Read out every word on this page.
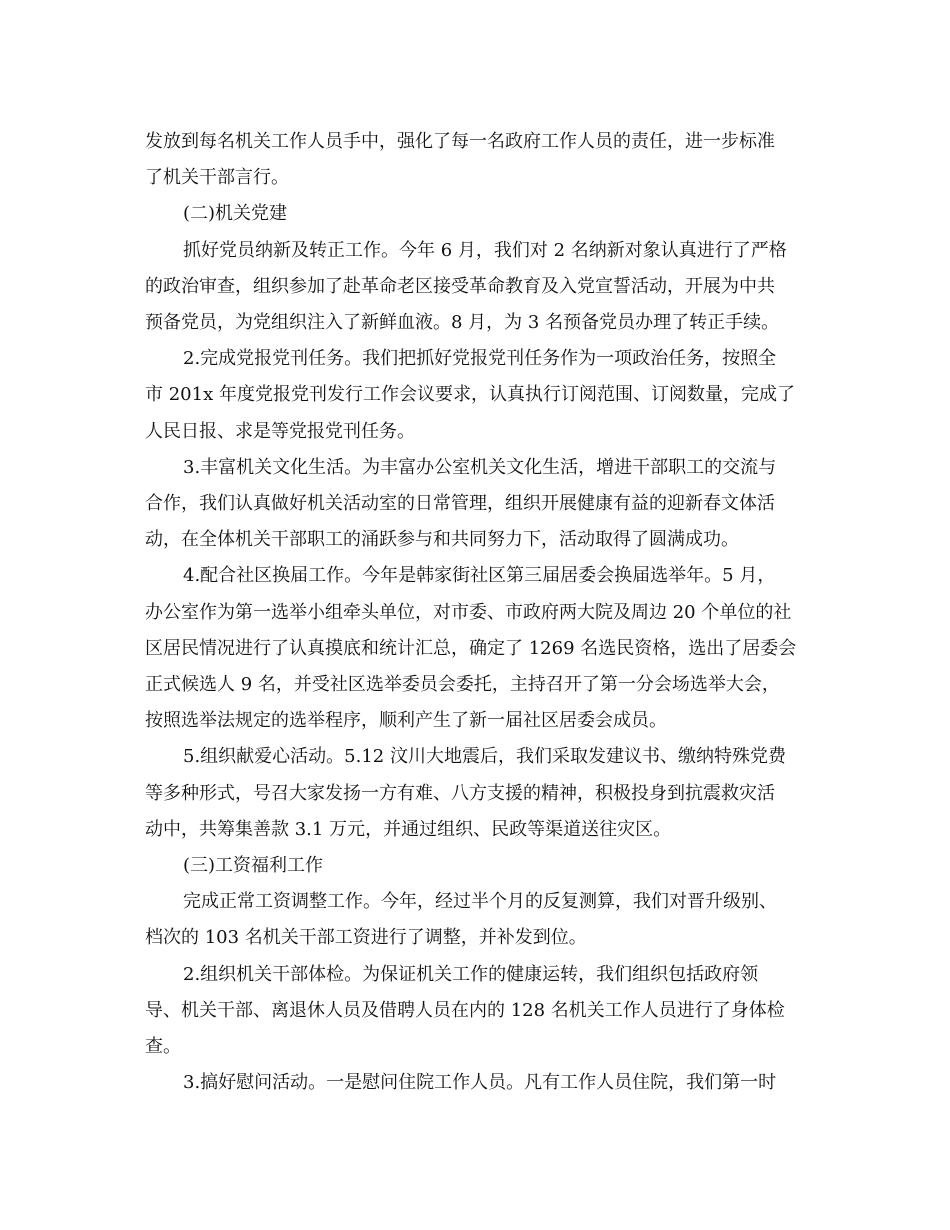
发放到每名机关工作人员手中，强化了每一名政府工作人员的责任，进一步标准
了机关干部言行。

(二)机关党建

抓好党员纳新及转正工作。今年 6 月，我们对 2 名纳新对象认真进行了严格
的政治审查，组织参加了赴革命老区接受革命教育及入党宣誓活动，开展为中共
预备党员，为党组织注入了新鲜血液。8 月，为 3 名预备党员办理了转正手续。

2.完成党报党刊任务。我们把抓好党报党刊任务作为一项政治任务，按照全
市 201x 年度党报党刊发行工作会议要求，认真执行订阅范围、订阅数量，完成了
人民日报、求是等党报党刊任务。

3.丰富机关文化生活。为丰富办公室机关文化生活，增进干部职工的交流与
合作，我们认真做好机关活动室的日常管理，组织开展健康有益的迎新春文体活
动，在全体机关干部职工的涌跃参与和共同努力下，活动取得了圆满成功。

4.配合社区换届工作。今年是韩家街社区第三届居委会换届选举年。5 月，
办公室作为第一选举小组牵头单位，对市委、市政府两大院及周边 20 个单位的社
区居民情况进行了认真摸底和统计汇总，确定了 1269 名选民资格，选出了居委会
正式候选人 9 名，并受社区选举委员会委托，主持召开了第一分会场选举大会，
按照选举法规定的选举程序，顺利产生了新一届社区居委会成员。

5.组织献爱心活动。5.12 汶川大地震后，我们采取发建议书、缴纳特殊党费
等多种形式，号召大家发扬一方有难、八方支援的精神，积极投身到抗震救灾活
动中，共筹集善款 3.1 万元，并通过组织、民政等渠道送往灾区。

(三)工资福利工作

完成正常工资调整工作。今年，经过半个月的反复测算，我们对晋升级别、
档次的 103 名机关干部工资进行了调整，并补发到位。

2.组织机关干部体检。为保证机关工作的健康运转，我们组织包括政府领
导、机关干部、离退休人员及借聘人员在内的 128 名机关工作人员进行了身体检
查。

3.搞好慰问活动。一是慰问住院工作人员。凡有工作人员住院，我们第一时
